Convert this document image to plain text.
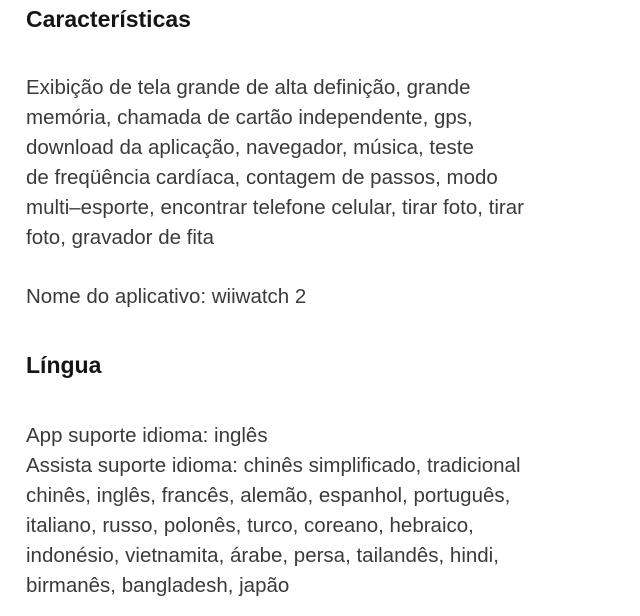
Características

Exibição de tela grande de alta definição, grande
memória, chamada de cartão independente, gps,
download da aplicação, navegador, música, teste
de freqüência cardíaca, contagem de passos, modo
multi–esporte, encontrar telefone celular, tirar foto, tirar
foto, gravador de fita

Nome do aplicativo: wiiwatch 2

Língua

App suporte idioma: inglês
Assista suporte idioma: chinês simplificado, tradicional
chinês, inglês, francês, alemão, espanhol, português,
italiano, russo, polonês, turco, coreano, hebraico,
indonésio, vietnamita, árabe, persa, tailandês, hindi,
birmanês, bangladesh, japão
